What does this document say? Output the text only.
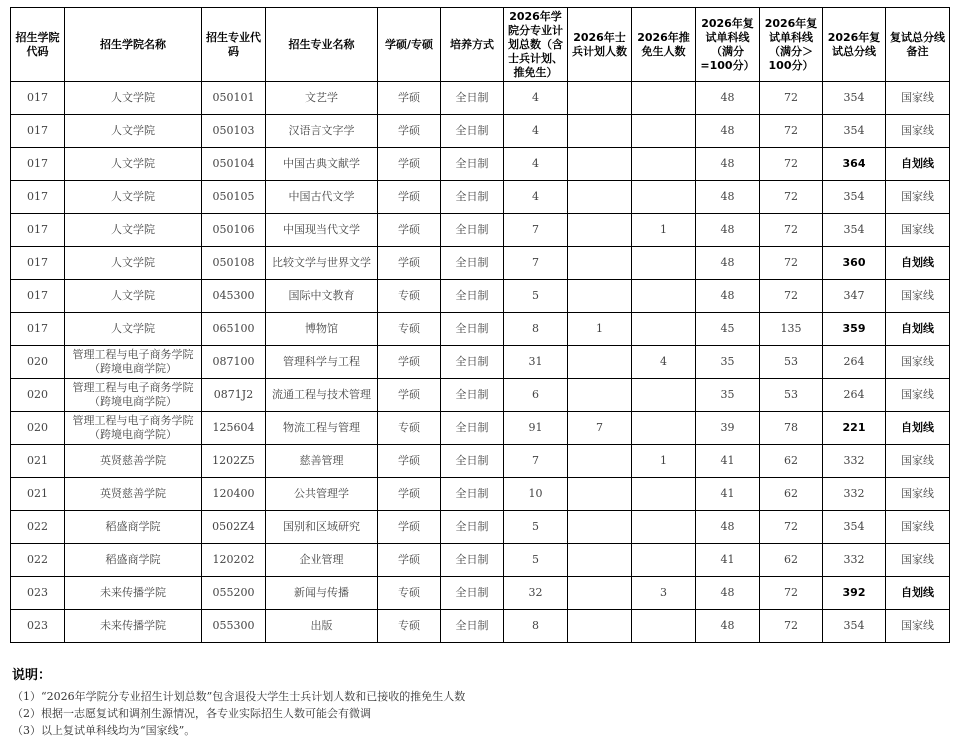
招生学院代码	招生学院名称	招生专业代码	招生专业名称	学硕/专硕	培养方式	2026年学院分专业计划总数（含士兵计划、推免生）	2026年士兵计划人数	2026年推免生人数	2026年复试单科线（满分=100分）	2026年复试单科线（满分＞100分）	2026年复试总分线	复试总分线备注
017	人文学院	050101	文艺学	学硕	全日制	4			48	72	354	国家线
017	人文学院	050103	汉语言文字学	学硕	全日制	4			48	72	354	国家线
017	人文学院	050104	中国古典文献学	学硕	全日制	4			48	72	364	自划线
017	人文学院	050105	中国古代文学	学硕	全日制	4			48	72	354	国家线
017	人文学院	050106	中国现当代文学	学硕	全日制	7		1	48	72	354	国家线
017	人文学院	050108	比较文学与世界文学	学硕	全日制	7			48	72	360	自划线
017	人文学院	045300	国际中文教育	专硕	全日制	5			48	72	347	国家线
017	人文学院	065100	博物馆	专硕	全日制	8	1		45	135	359	自划线
020	管理工程与电子商务学院（跨境电商学院）	087100	管理科学与工程	学硕	全日制	31		4	35	53	264	国家线
020	管理工程与电子商务学院（跨境电商学院）	0871J2	流通工程与技术管理	学硕	全日制	6			35	53	264	国家线
020	管理工程与电子商务学院（跨境电商学院）	125604	物流工程与管理	专硕	全日制	91	7		39	78	221	自划线
021	英贤慈善学院	1202Z5	慈善管理	学硕	全日制	7		1	41	62	332	国家线
021	英贤慈善学院	120400	公共管理学	学硕	全日制	10			41	62	332	国家线
022	稻盛商学院	0502Z4	国别和区域研究	学硕	全日制	5			48	72	354	国家线
022	稻盛商学院	120202	企业管理	学硕	全日制	5			41	62	332	国家线
023	未来传播学院	055200	新闻与传播	专硕	全日制	32		3	48	72	392	自划线
023	未来传播学院	055300	出版	专硕	全日制	8			48	72	354	国家线
说明：
（1）“2026年学院分专业招生计划总数”包含退役大学生士兵计划人数和已接收的推免生人数
（2）根据一志愿复试和调剂生源情况，各专业实际招生人数可能会有微调
（3）以上复试单科线均为“国家线”。
